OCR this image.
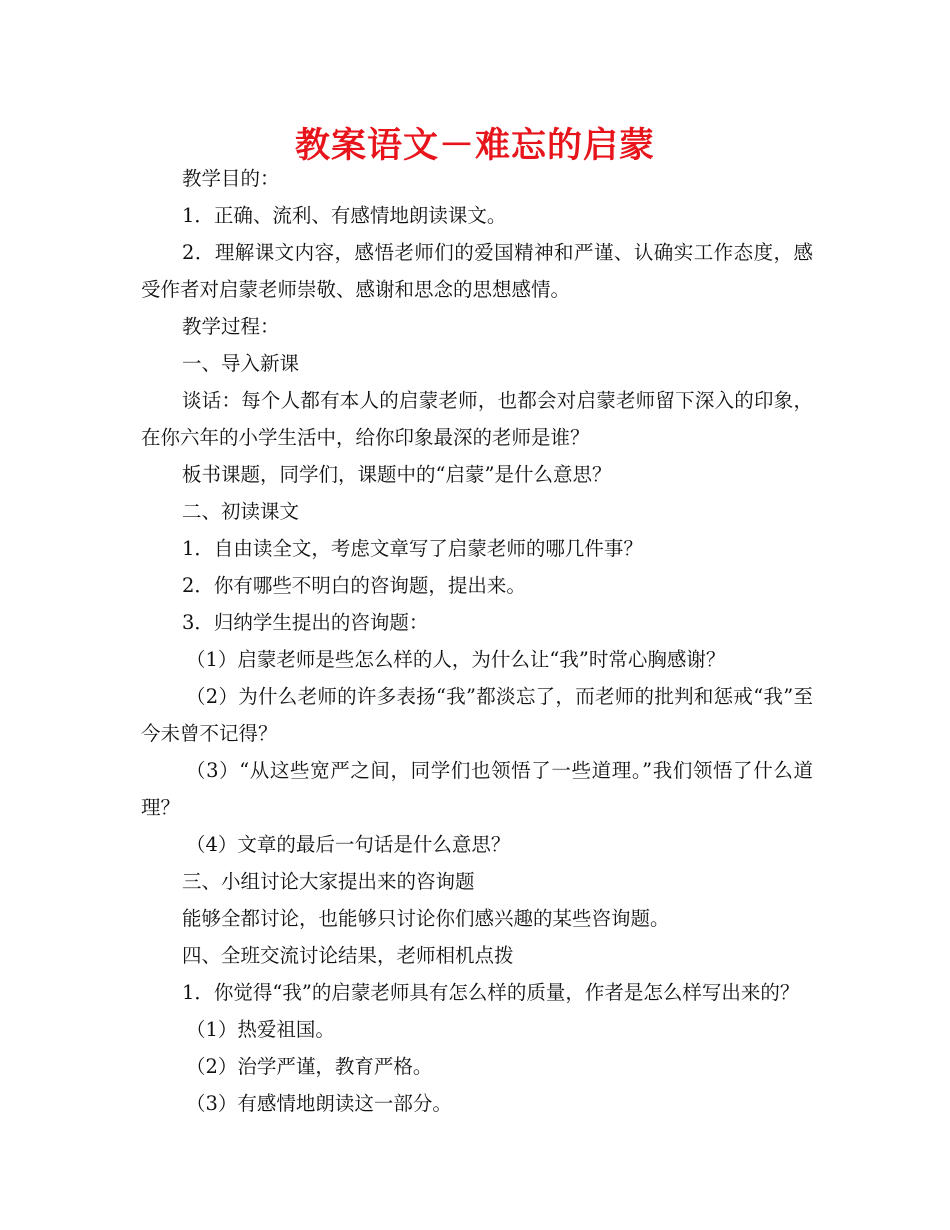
教案语文－难忘的启蒙

教学目的：

1．正确、流利、有感情地朗读课文。

2．理解课文内容，感悟老师们的爱国精神和严谨、认确实工作态度，感受作者对启蒙老师崇敬、感谢和思念的思想感情。

教学过程：

一、导入新课

谈话：每个人都有本人的启蒙老师，也都会对启蒙老师留下深入的印象，在你六年的小学生活中，给你印象最深的老师是谁？

板书课题，同学们，课题中的“启蒙”是什么意思？

二、初读课文

1．自由读全文，考虑文章写了启蒙老师的哪几件事？

2．你有哪些不明白的咨询题，提出来。

3．归纳学生提出的咨询题：

（1）启蒙老师是些怎么样的人，为什么让“我”时常心胸感谢？

（2）为什么老师的许多表扬“我”都淡忘了，而老师的批判和惩戒“我”至今未曾不记得？

（3）“从这些宽严之间，同学们也领悟了一些道理。”我们领悟了什么道理？

（4）文章的最后一句话是什么意思？

三、小组讨论大家提出来的咨询题

能够全都讨论，也能够只讨论你们感兴趣的某些咨询题。

四、全班交流讨论结果，老师相机点拨

1．你觉得“我”的启蒙老师具有怎么样的质量，作者是怎么样写出来的？

（1）热爱祖国。

（2）治学严谨，教育严格。

（3）有感情地朗读这一部分。
